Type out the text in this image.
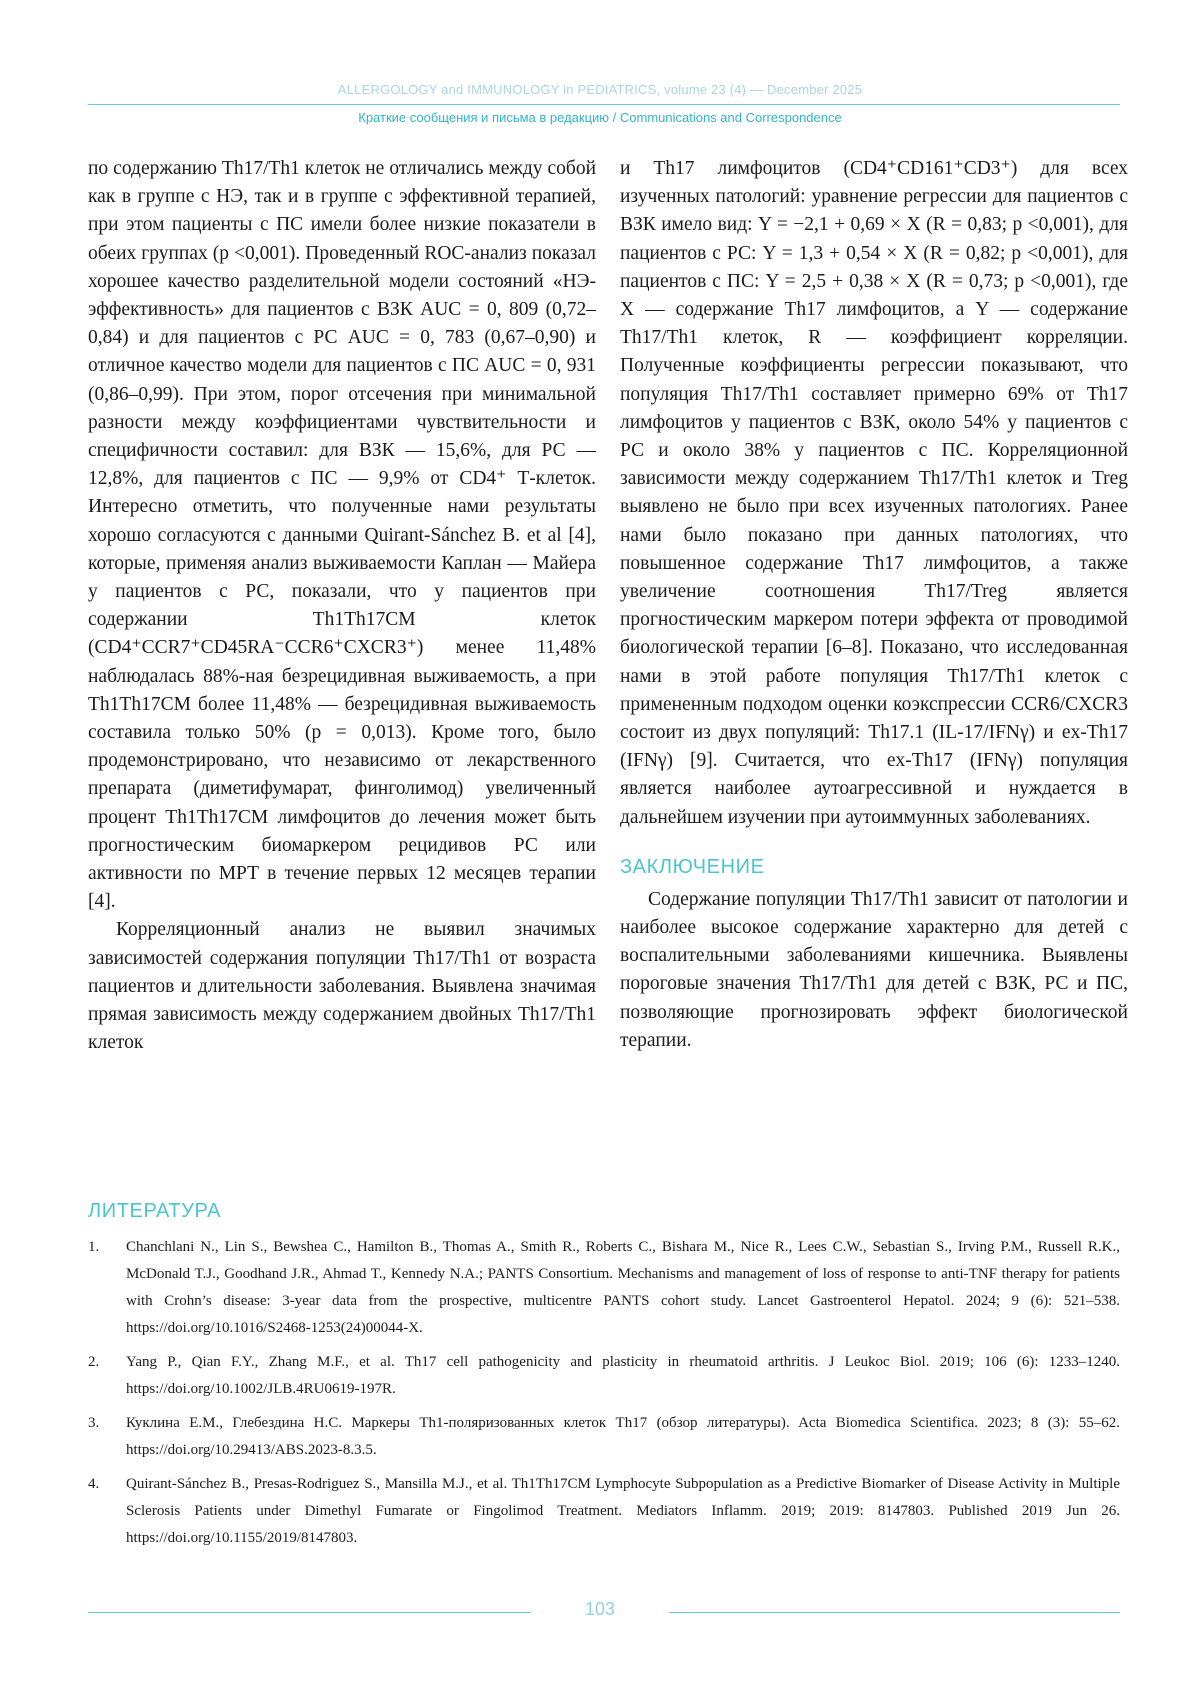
ALLERGOLOGY and IMMUNOLOGY in PEDIATRICS, volume 23 (4) — December 2025
Краткие сообщения и письма в редакцию / Communications and Correspondence

по содержанию Th17/Th1 клеток не отличались между собой как в группе с НЭ, так и в группе с эффективной терапией, при этом пациенты с ПС имели более низкие показатели в обеих группах (р <0,001). Проведенный ROC-анализ показал хорошее качество разделительной модели состояний «НЭ-эффективность» для пациентов с ВЗК AUC = 0, 809 (0,72–0,84) и для пациентов с РС AUC = 0, 783 (0,67–0,90) и отличное качество модели для пациентов с ПС AUC = 0, 931 (0,86–0,99). При этом, порог отсечения при минимальной разности между коэффициентами чувствительности и специфичности составил: для ВЗК — 15,6%, для РС — 12,8%, для пациентов с ПС — 9,9% от CD4⁺ Т-клеток. Интересно отметить, что полученные нами результаты хорошо согласуются с данными Quirant-Sánchez B. et al [4], которые, применяя анализ выживаемости Каплан — Майера у пациентов с РС, показали, что у пациентов при содержании Th1Th17CM клеток (CD4⁺CCR7⁺CD45RA⁻CCR6⁺CXCR3⁺) менее 11,48% наблюдалась 88%-ная безрецидивная выживаемость, а при Th1Th17CM более 11,48% — безрецидивная выживаемость составила только 50% (р = 0,013). Кроме того, было продемонстрировано, что независимо от лекарственного препарата (диметифумарат, финголимод) увеличенный процент Th1Th17CM лимфоцитов до лечения может быть прогностическим биомаркером рецидивов РС или активности по МРТ в течение первых 12 месяцев терапии [4].

Корреляционный анализ не выявил значимых зависимостей содержания популяции Th17/Th1 от возраста пациентов и длительности заболевания. Выявлена значимая прямая зависимость между содержанием двойных Th17/Th1 клеток

и Th17 лимфоцитов (CD4⁺CD161⁺CD3⁺) для всех изученных патологий: уравнение регрессии для пациентов с ВЗК имело вид: Y = −2,1 + 0,69 × X (R = 0,83; р <0,001), для пациентов с РС: Y = 1,3 + 0,54 × X (R = 0,82; р <0,001), для пациентов с ПС: Y = 2,5 + 0,38 × X (R = 0,73; р <0,001), где Х — содержание Th17 лимфоцитов, а Y — содержание Th17/Th1 клеток, R — коэффициент корреляции. Полученные коэффициенты регрессии показывают, что популяция Th17/Th1 составляет примерно 69% от Th17 лимфоцитов у пациентов с ВЗК, около 54% у пациентов с РС и около 38% у пациентов с ПС. Корреляционной зависимости между содержанием Th17/Th1 клеток и Treg выявлено не было при всех изученных патологиях. Ранее нами было показано при данных патологиях, что повышенное содержание Th17 лимфоцитов, а также увеличение соотношения Th17/Treg является прогностическим маркером потери эффекта от проводимой биологической терапии [6–8]. Показано, что исследованная нами в этой работе популяция Th17/Th1 клеток с примененным подходом оценки коэкспрессии CCR6/CXCR3 состоит из двух популяций: Th17.1 (IL-17/IFNγ) и ex-Th17 (IFNγ) [9]. Считается, что ex-Th17 (IFNγ) популяция является наиболее аутоагрессивной и нуждается в дальнейшем изучении при аутоиммунных заболеваниях.

ЗАКЛЮЧЕНИЕ

Содержание популяции Th17/Th1 зависит от патологии и наиболее высокое содержание характерно для детей с воспалительными заболеваниями кишечника. Выявлены пороговые значения Th17/Th1 для детей с ВЗК, РС и ПС, позволяющие прогнозировать эффект биологической терапии.

ЛИТЕРАТУРА
1. Chanchlani N., Lin S., Bewshea C., Hamilton B., Thomas A., Smith R., Roberts C., Bishara M., Nice R., Lees C.W., Sebastian S., Irving P.M., Russell R.K., McDonald T.J., Goodhand J.R., Ahmad T., Kennedy N.A.; PANTS Consortium. Mechanisms and management of loss of response to anti-TNF therapy for patients with Crohn’s disease: 3-year data from the prospective, multicentre PANTS cohort study. Lancet Gastroenterol Hepatol. 2024; 9 (6): 521–538. https://doi.org/10.1016/S2468-1253(24)00044-X.
2. Yang P., Qian F.Y., Zhang M.F., et al. Th17 cell pathogenicity and plasticity in rheumatoid arthritis. J Leukoc Biol. 2019; 106 (6): 1233–1240. https://doi.org/10.1002/JLB.4RU0619-197R.
3. Куклина Е.М., Глебездина Н.С. Маркеры Th1-поляризованных клеток Th17 (обзор литературы). Acta Biomedica Scientifica. 2023; 8 (3): 55–62. https://doi.org/10.29413/ABS.2023-8.3.5.
4. Quirant-Sánchez B., Presas-Rodriguez S., Mansilla M.J., et al. Th1Th17CM Lymphocyte Subpopulation as a Predictive Biomarker of Disease Activity in Multiple Sclerosis Patients under Dimethyl Fumarate or Fingolimod Treatment. Mediators Inflamm. 2019; 2019: 8147803. Published 2019 Jun 26. https://doi.org/10.1155/2019/8147803.
103
